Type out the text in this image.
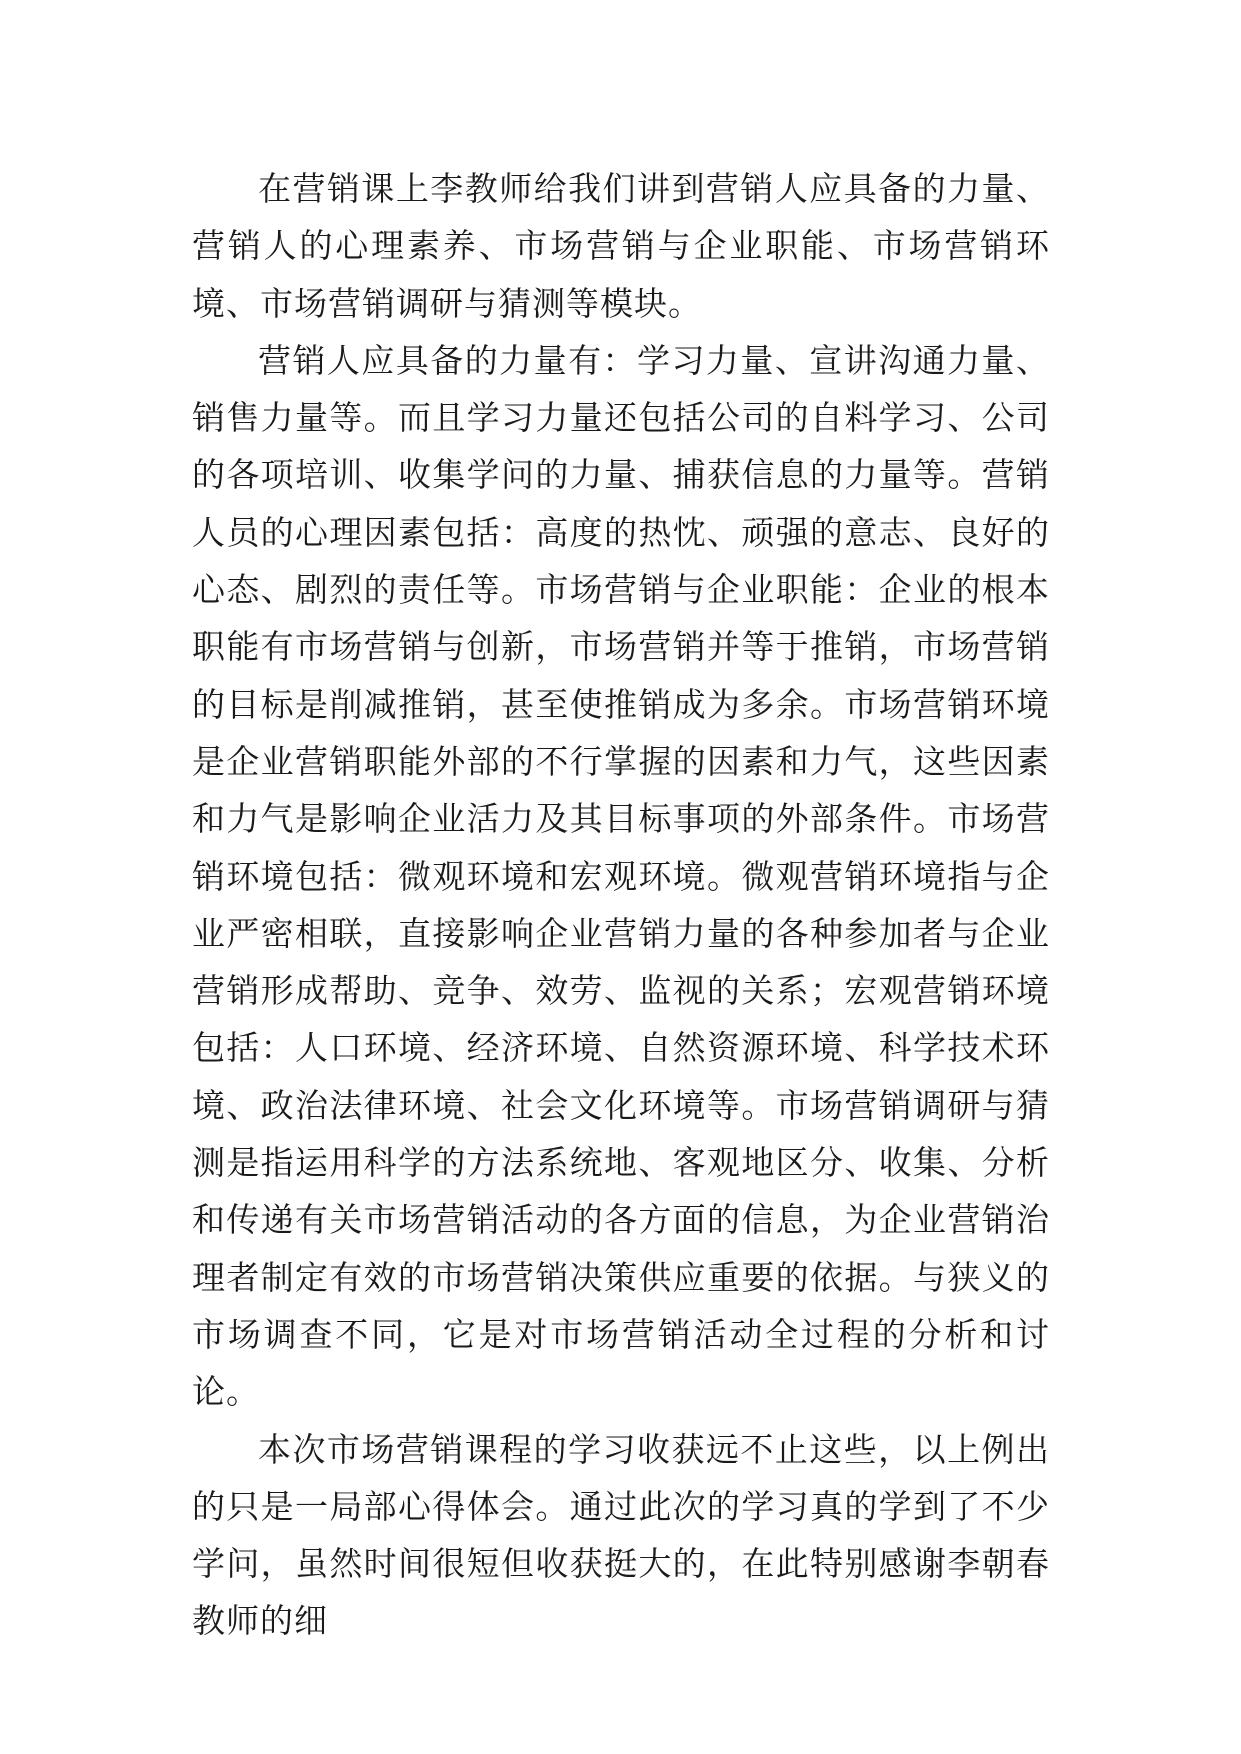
在营销课上李教师给我们讲到营销人应具备的力量、营销人的心理素养、市场营销与企业职能、市场营销环境、市场营销调研与猜测等模块。

营销人应具备的力量有：学习力量、宣讲沟通力量、销售力量等。而且学习力量还包括公司的自料学习、公司的各项培训、收集学问的力量、捕获信息的力量等。营销人员的心理因素包括：高度的热忱、顽强的意志、良好的心态、剧烈的责任等。市场营销与企业职能：企业的根本职能有市场营销与创新，市场营销并等于推销，市场营销的目标是削减推销，甚至使推销成为多余。市场营销环境是企业营销职能外部的不行掌握的因素和力气，这些因素和力气是影响企业活力及其目标事项的外部条件。市场营销环境包括：微观环境和宏观环境。微观营销环境指与企业严密相联，直接影响企业营销力量的各种参加者与企业营销形成帮助、竞争、效劳、监视的关系；宏观营销环境包括：人口环境、经济环境、自然资源环境、科学技术环境、政治法律环境、社会文化环境等。市场营销调研与猜测是指运用科学的方法系统地、客观地区分、收集、分析和传递有关市场营销活动的各方面的信息，为企业营销治理者制定有效的市场营销决策供应重要的依据。与狭义的市场调查不同，它是对市场营销活动全过程的分析和讨论。

本次市场营销课程的学习收获远不止这些，以上例出的只是一局部心得体会。通过此次的学习真的学到了不少学问，虽然时间很短但收获挺大的，在此特别感谢李朝春教师的细
